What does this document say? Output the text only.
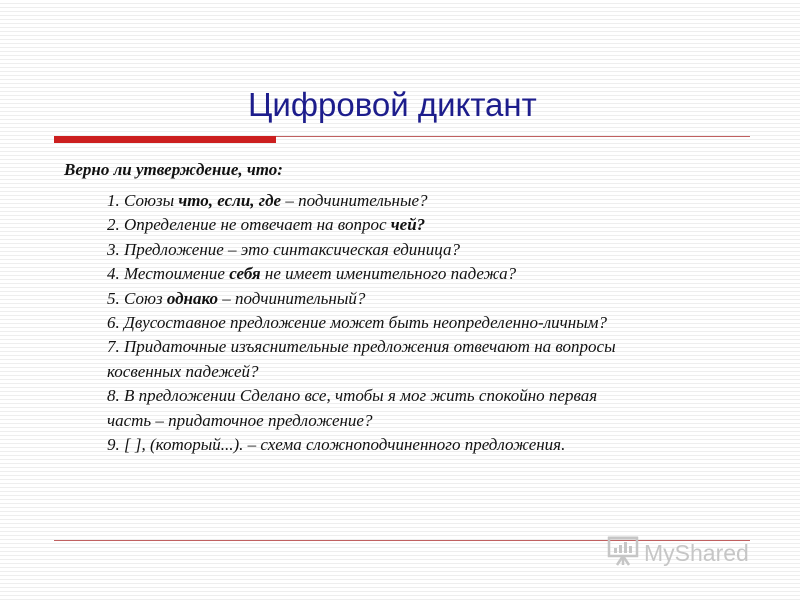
Цифровой диктант
Верно ли утверждение, что:
1. Союзы что, если, где – подчинительные?
2. Определение не отвечает на вопрос чей?
3. Предложение – это синтаксическая единица?
4. Местоимение себя не имеет именительного падежа?
5. Союз однако – подчинительный?
6. Двусоставное предложение может быть неопределенно-личным?
7. Придаточные изъяснительные предложения отвечают на вопросы
косвенных падежей?
8. В предложении Сделано все, чтобы я мог жить спокойно первая
часть – придаточное предложение?
9. [ ], (который...). – схема сложноподчиненного предложения.
MyShared
